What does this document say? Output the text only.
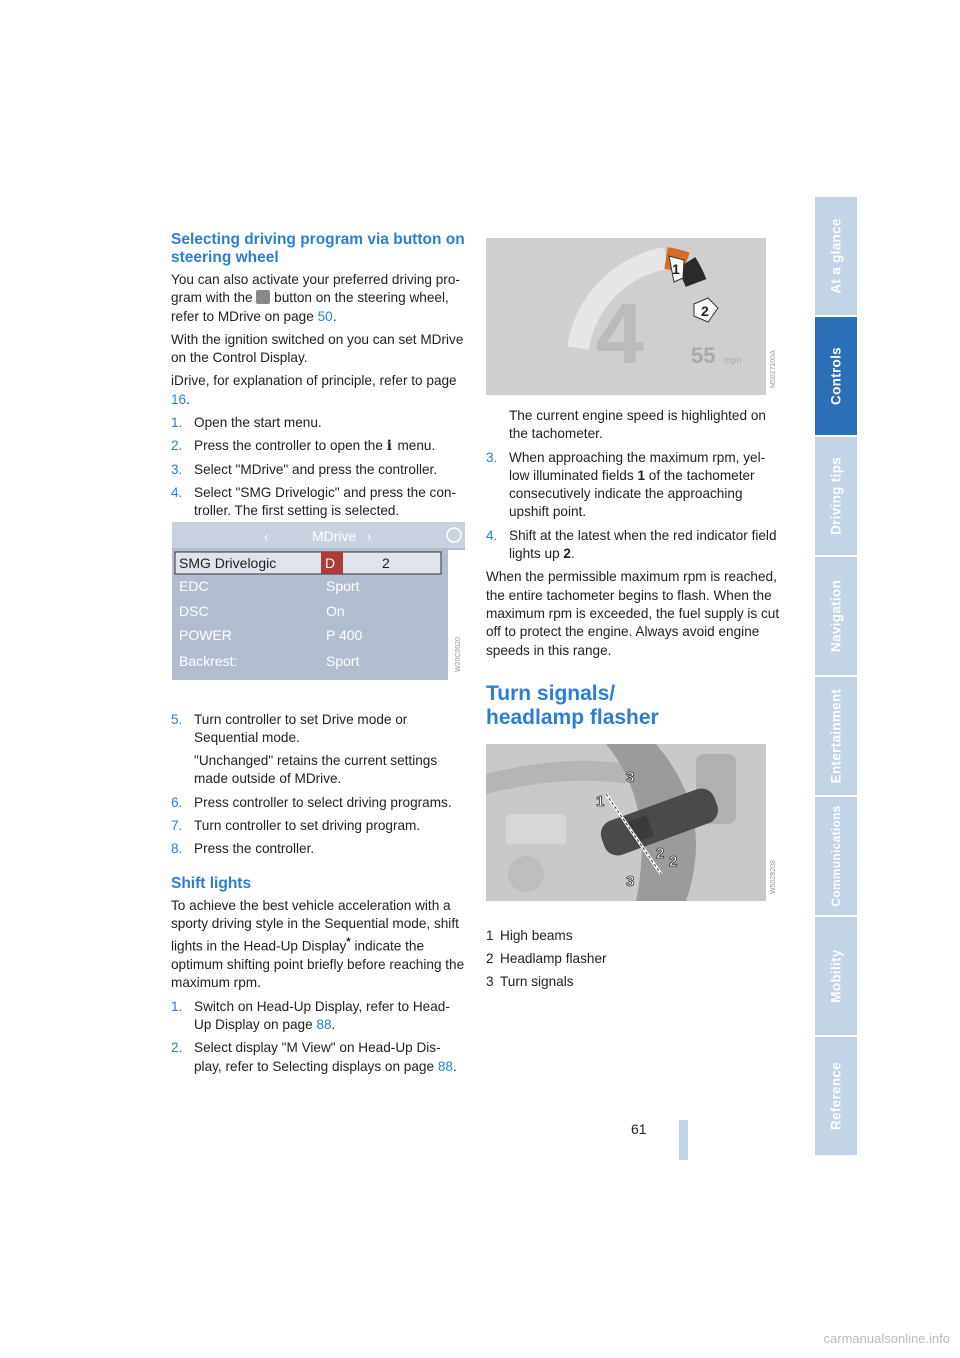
At a glance
Controls
Driving tips
Navigation
Entertainment
Communications
Mobility
Reference
Selecting driving program via button on steering wheel

You can also activate your preferred driving pro-gram with the button on the steering wheel, refer to MDrive on page 50.

With the ignition switched on you can set MDrive on the Control Display.

iDrive, for explanation of principle, refer to page 16.

1. Open the start menu.
2. Press the controller to open the i menu.
3. Select "MDrive" and press the controller.
4. Select "SMG Drivelogic" and press the con-troller. The first setting is selected.
5. Turn controller to set Drive mode or Sequential mode.
"Unchanged" retains the current settings made outside of MDrive.
6. Press controller to select driving programs.
7. Turn controller to set driving program.
8. Press the controller.
Shift lights

To achieve the best vehicle acceleration with a sporty driving style in the Sequential mode, shift lights in the Head-Up Display* indicate the optimum shifting point briefly before reaching the maximum rpm.

1. Switch on Head-Up Display, refer to Head-Up Display on page 88.
2. Select display "M View" on Head-Up Dis-play, refer to Selecting displays on page 88.
‹	MDrive ›
SMG Drivelogic	D	2
EDC	Sport
DSC	On
POWER	P 400
Backrest:	Sport	W20C0020
The current engine speed is highlighted on the tachometer.
3. When approaching the maximum rpm, yel-low illuminated fields 1 of the tachometer consecutively indicate the approaching upshift point.
4. Shift at the latest when the red indicator field lights up 2.

When the permissible maximum rpm is reached, the entire tachometer begins to flash. When the maximum rpm is exceeded, the fuel supply is cut off to protect the engine. Always avoid engine speeds in this range.

Turn signals/
headlamp flasher
1 High beams
2 Headlamp flasher
3 Turn signals
4 55 mph
1
2
M5027100A
1
2
3
3
2
W5028208
61
carmanualsonline.info
